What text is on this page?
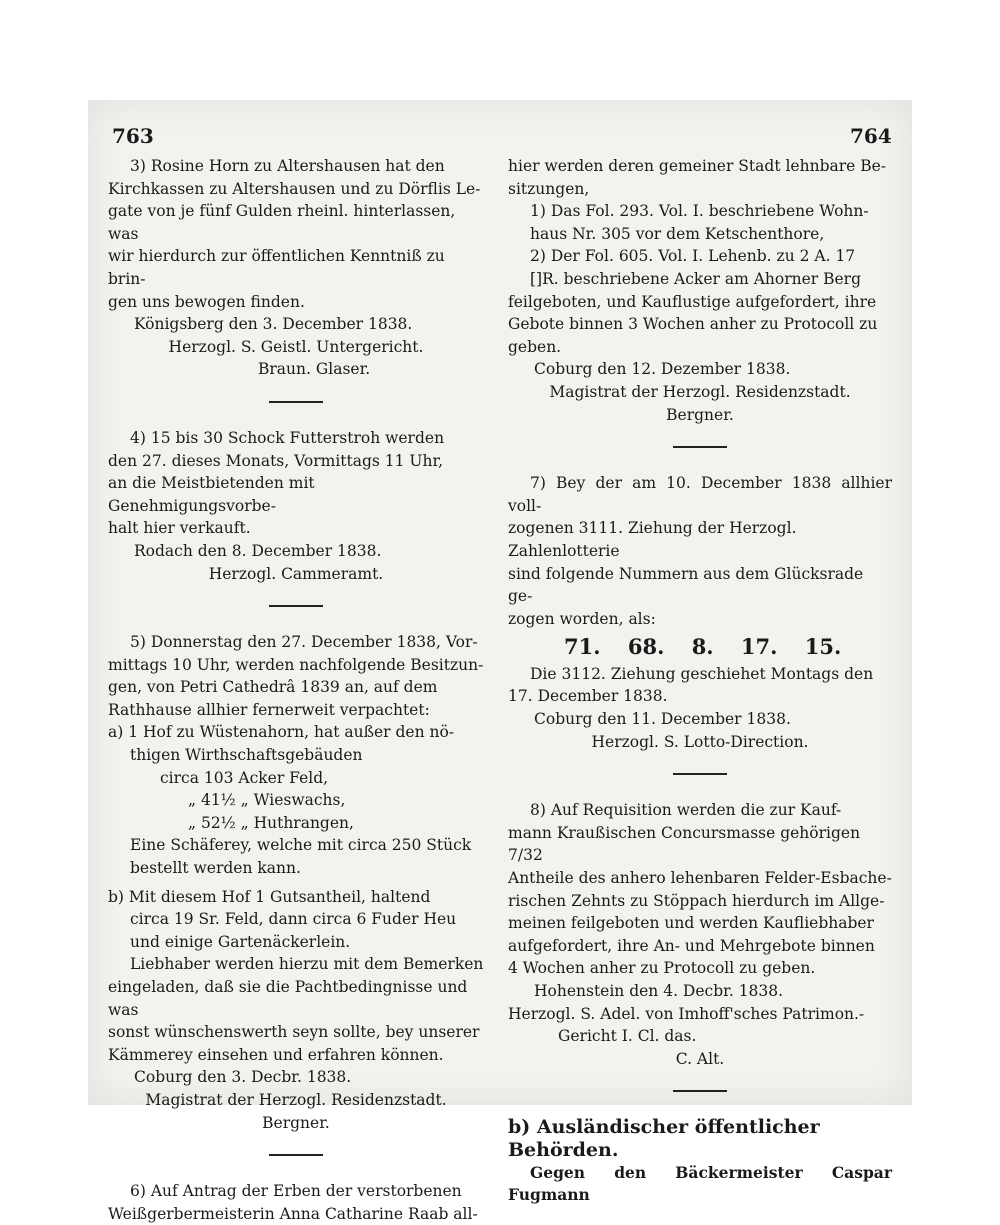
763	764

3) Rosine Horn zu Altershausen hat den

Kirchkassen zu Altershausen und zu Dörflis Le-

gate von je fünf Gulden rheinl. hinterlassen, was

wir hierdurch zur öffentlichen Kenntniß zu brin-

gen uns bewogen finden.

Königsberg den 3. December 1838.

Herzogl. S. Geistl. Untergericht.

Braun. Glaser.

4) 15 bis 30 Schock Futterstroh werden

den 27. dieses Monats, Vormittags 11 Uhr,

an die Meistbietenden mit Genehmigungsvorbe-

halt hier verkauft.

Rodach den 8. December 1838.

Herzogl. Cammeramt.

5) Donnerstag den 27. December 1838, Vor-

mittags 10 Uhr, werden nachfolgende Besitzun-

gen, von Petri Cathedrâ 1839 an, auf dem

Rathhause allhier fernerweit verpachtet:

a) 1 Hof zu Wüstenahorn, hat außer den nö-

thigen Wirthschaftsgebäuden

circa 103 Acker Feld,

„ 41½ „ Wieswachs,

„ 52½ „ Huthrangen,

Eine Schäferey, welche mit circa 250 Stück

bestellt werden kann.

b) Mit diesem Hof 1 Gutsantheil, haltend

circa 19 Sr. Feld, dann circa 6 Fuder Heu

und einige Gartenäckerlein.

Liebhaber werden hierzu mit dem Bemerken

eingeladen, daß sie die Pachtbedingnisse und was

sonst wünschenswerth seyn sollte, bey unserer

Kämmerey einsehen und erfahren können.

Coburg den 3. Decbr. 1838.

Magistrat der Herzogl. Residenzstadt.

Bergner.

6) Auf Antrag der Erben der verstorbenen

Weißgerbermeisterin Anna Catharine Raab all-

hier werden deren gemeiner Stadt lehnbare Be-

sitzungen,

1) Das Fol. 293. Vol. I. beschriebene Wohn-

haus Nr. 305 vor dem Ketschenthore,

2) Der Fol. 605. Vol. I. Lehenb. zu 2 A. 17

[]R. beschriebene Acker am Ahorner Berg

feilgeboten, und Kauflustige aufgefordert, ihre

Gebote binnen 3 Wochen anher zu Protocoll zu

geben.

Coburg den 12. Dezember 1838.

Magistrat der Herzogl. Residenzstadt.

Bergner.

7) Bey der am 10. December 1838 allhier voll-

zogenen 3111. Ziehung der Herzogl. Zahlenlotterie

sind folgende Nummern aus dem Glücksrade ge-

zogen worden, als:

71. 68. 8. 17. 15.

Die 3112. Ziehung geschiehet Montags den

17. December 1838.

Coburg den 11. December 1838.

Herzogl. S. Lotto-Direction.

8) Auf Requisition werden die zur Kauf-

mann Kraußischen Concursmasse gehörigen 7/32

Antheile des anhero lehenbaren Felder-Esbache-

rischen Zehnts zu Stöppach hierdurch im Allge-

meinen feilgeboten und werden Kaufliebhaber

aufgefordert, ihre An- und Mehrgebote binnen

4 Wochen anher zu Protocoll zu geben.

Hohenstein den 4. Decbr. 1838.

Herzogl. S. Adel. von Imhoff'sches Patrimon.-

Gericht I. Cl. das.

C. Alt.

b) Ausländischer öffentlicher Behörden.

Gegen den Bäckermeister Caspar Fugmann
